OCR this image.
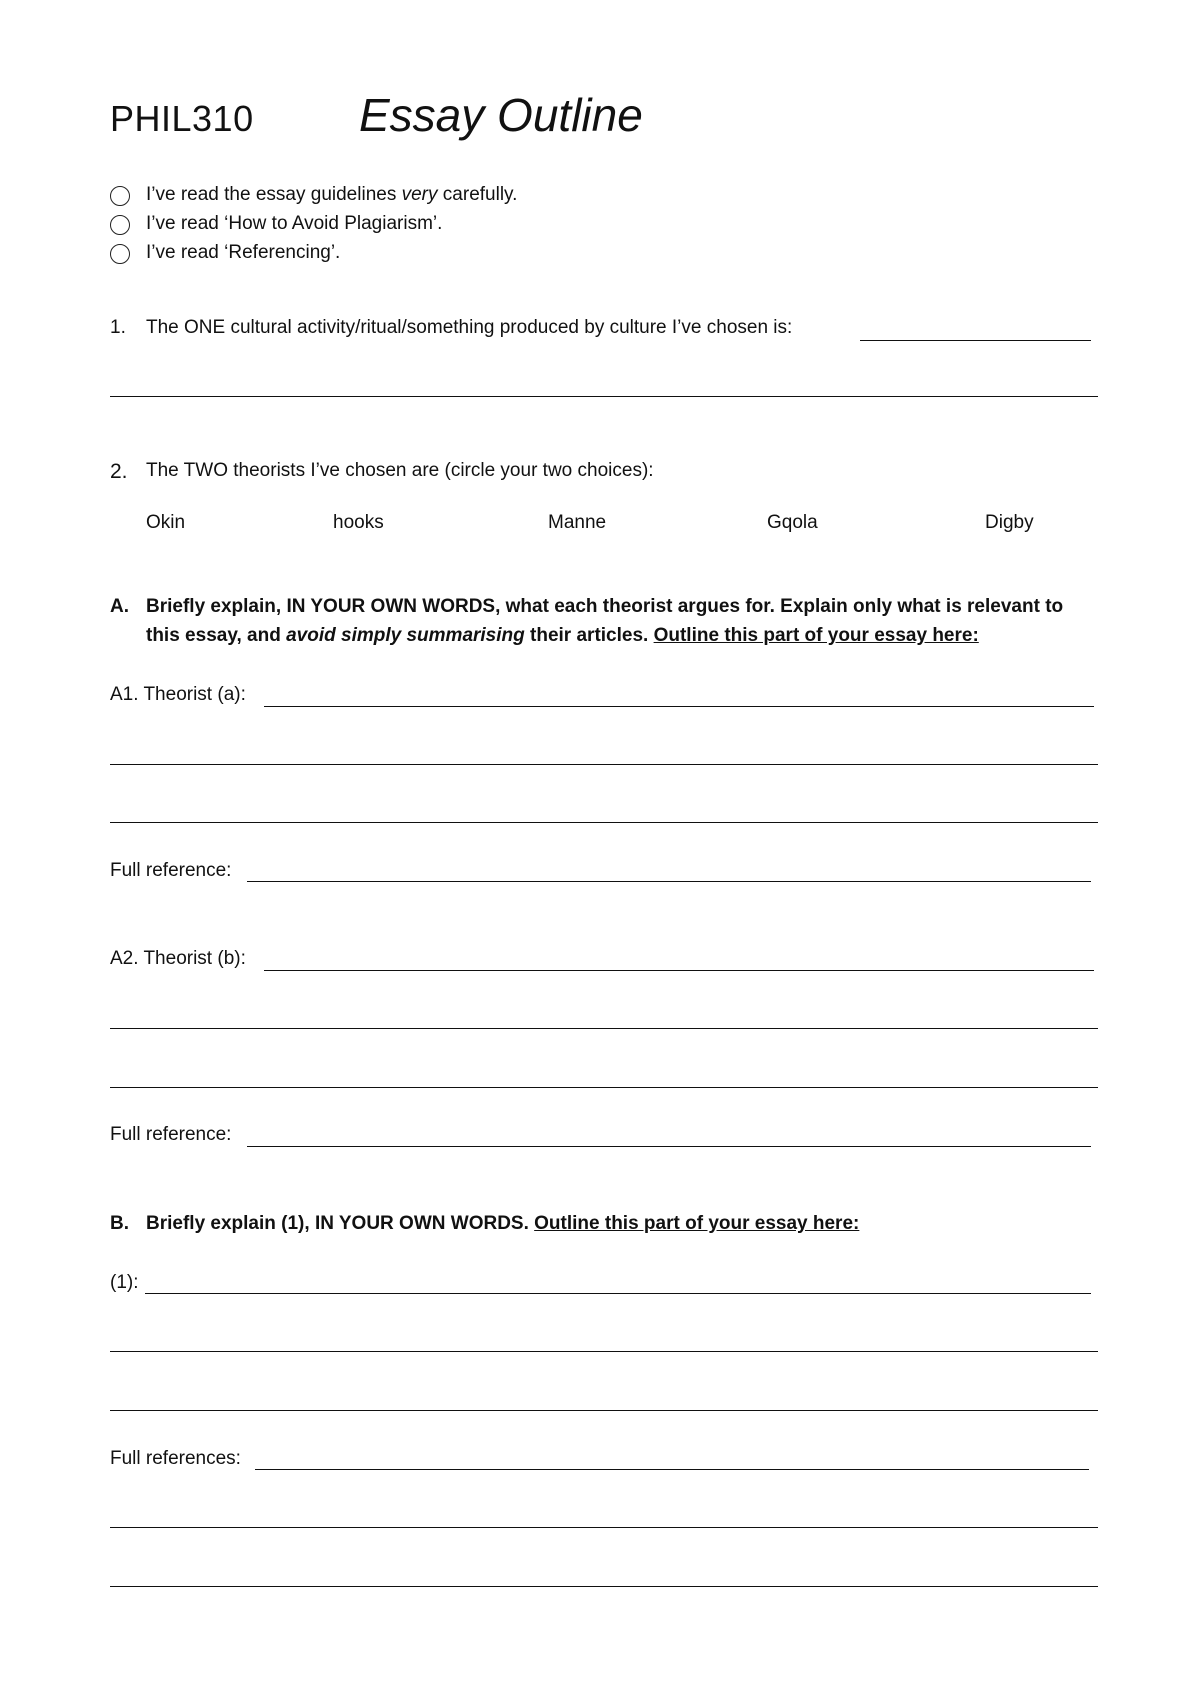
PHIL310 Essay Outline
I’ve read the essay guidelines very carefully.
I’ve read ‘How to Avoid Plagiarism’.
I’ve read ‘Referencing’.
1. The ONE cultural activity/ritual/something produced by culture I’ve chosen is:
2. The TWO theorists I’ve chosen are (circle your two choices):
Okin	hooks	Manne	Gqola	Digby
A. Briefly explain, IN YOUR OWN WORDS, what each theorist argues for. Explain only what is relevant to
this essay, and avoid simply summarising their articles. Outline this part of your essay here:
A1. Theorist (a):
Full reference:
A2. Theorist (b):
Full reference:
B. Briefly explain (1), IN YOUR OWN WORDS. Outline this part of your essay here:
(1):
Full references:
